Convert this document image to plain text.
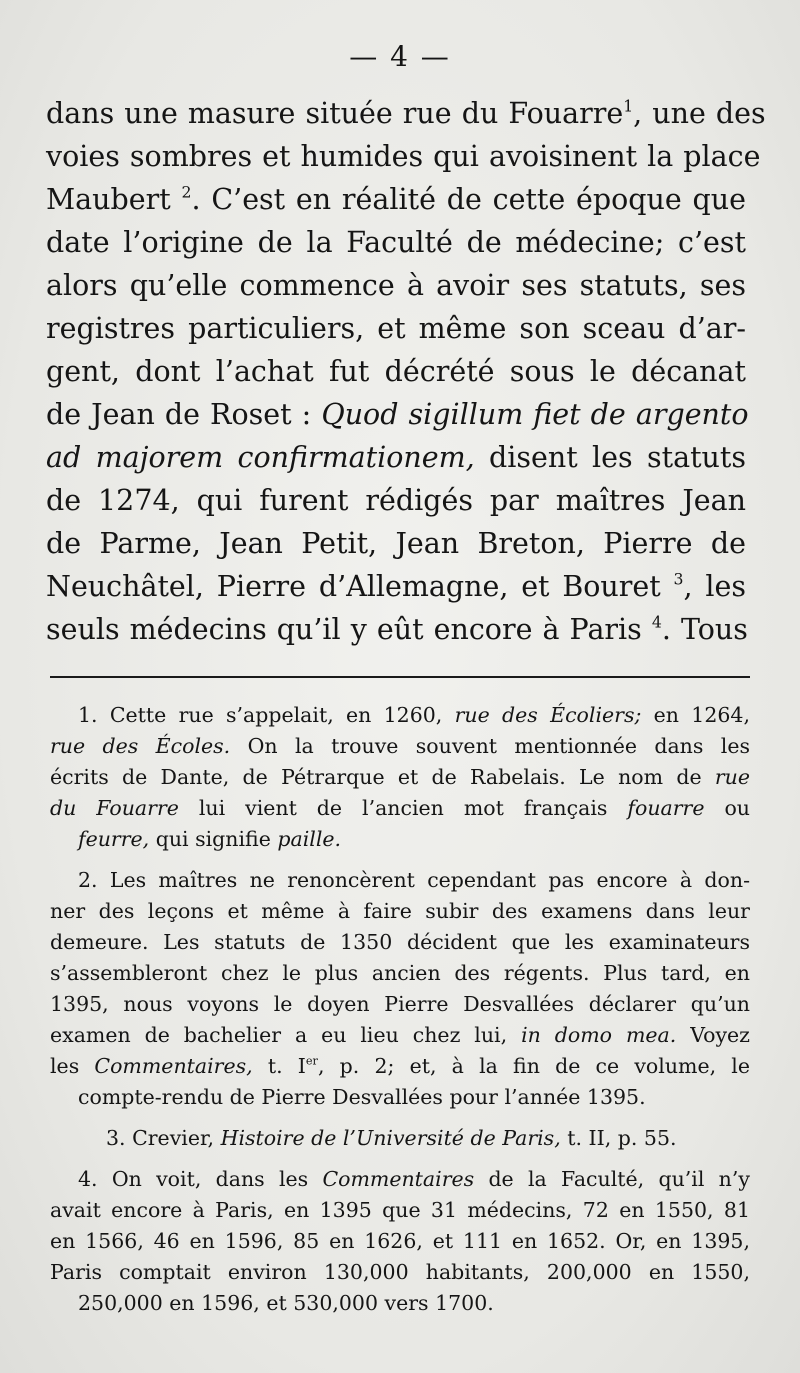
— 4 —
dans une masure située rue du Fouarre$^1$, une des
voies sombres et humides qui avoisinent la place
Maubert $^2$. C’est en réalité de cette époque que
date l’origine de la Faculté de médecine; c’est
alors qu’elle commence à avoir ses statuts, ses
registres particuliers, et même son sceau d’ar-
gent, dont l’achat fut décrété sous le décanat
de Jean de Roset : Quod sigillum fiet de argento
ad majorem confirmationem, disent les statuts
de 1274, qui furent rédigés par maîtres Jean
de Parme, Jean Petit, Jean Breton, Pierre de
Neuchâtel, Pierre d’Allemagne, et Bouret $^3$, les
seuls médecins qu’il y eût encore à Paris $^4$. Tous
1. Cette rue s’appelait, en 1260, rue des Écoliers; en 1264,
rue des Écoles. On la trouve souvent mentionnée dans les
écrits de Dante, de Pétrarque et de Rabelais. Le nom de rue
du Fouarre lui vient de l’ancien mot français fouarre ou
feurre, qui signifie paille.
2. Les maîtres ne renoncèrent cependant pas encore à don-
ner des leçons et même à faire subir des examens dans leur
demeure. Les statuts de 1350 décident que les examinateurs
s’assembleront chez le plus ancien des régents. Plus tard, en
1395, nous voyons le doyen Pierre Desvallées déclarer qu’un
examen de bachelier a eu lieu chez lui, in domo mea. Voyez
les Commentaires, t. Ier, p. 2; et, à la fin de ce volume, le
compte-rendu de Pierre Desvallées pour l’année 1395.
3. Crevier, Histoire de l’Université de Paris, t. II, p. 55.
4. On voit, dans les Commentaires de la Faculté, qu’il n’y
avait encore à Paris, en 1395 que 31 médecins, 72 en 1550, 81
en 1566, 46 en 1596, 85 en 1626, et 111 en 1652. Or, en 1395,
Paris comptait environ 130,000 habitants, 200,000 en 1550,
250,000 en 1596, et 530,000 vers 1700.
